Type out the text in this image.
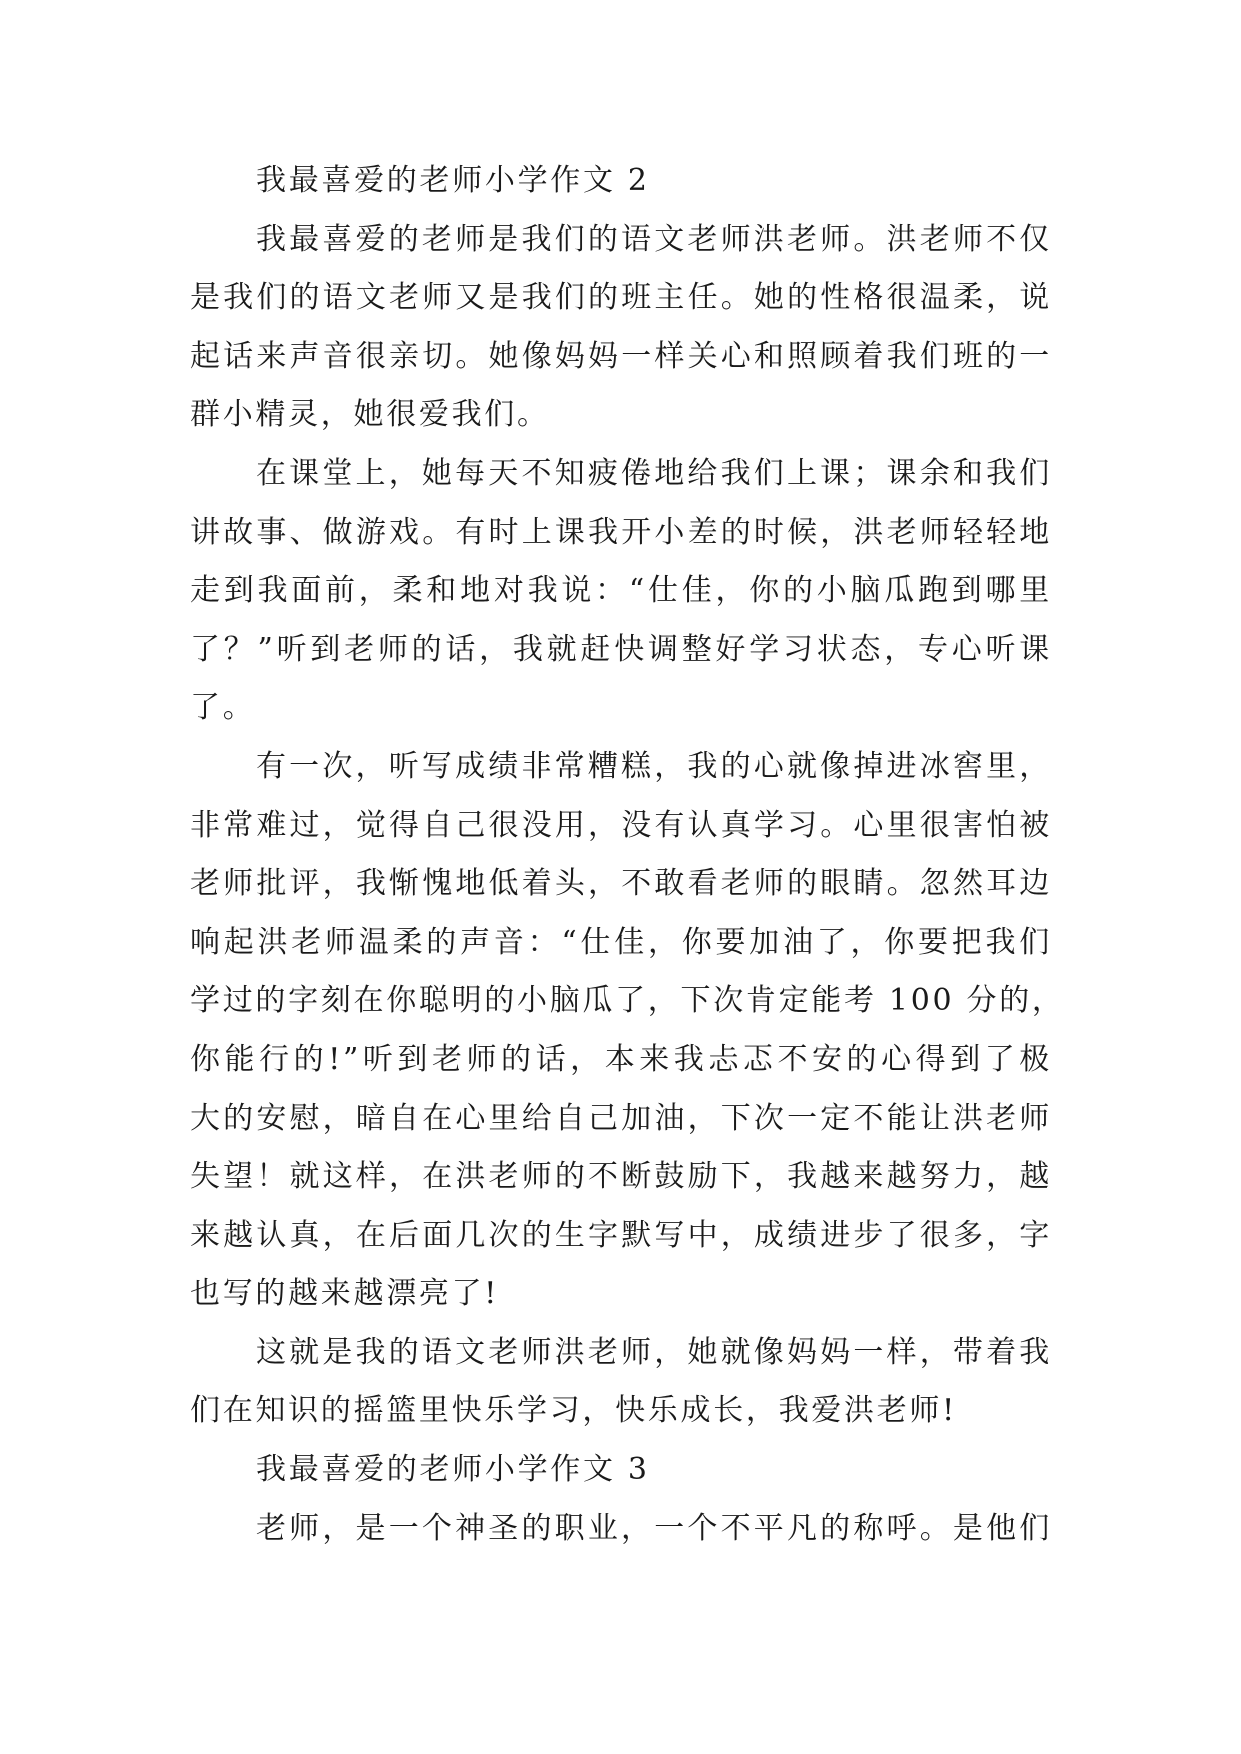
我最喜爱的老师小学作文 2
我最喜爱的老师是我们的语文老师洪老师。洪老师不仅
是我们的语文老师又是我们的班主任。她的性格很温柔，说
起话来声音很亲切。她像妈妈一样关心和照顾着我们班的一
群小精灵，她很爱我们。
在课堂上，她每天不知疲倦地给我们上课；课余和我们
讲故事、做游戏。有时上课我开小差的时候，洪老师轻轻地
走到我面前，柔和地对我说：“仕佳，你的小脑瓜跑到哪里
了？”听到老师的话，我就赶快调整好学习状态，专心听课
了。
有一次，听写成绩非常糟糕，我的心就像掉进冰窖里，
非常难过，觉得自己很没用，没有认真学习。心里很害怕被
老师批评，我惭愧地低着头，不敢看老师的眼睛。忽然耳边
响起洪老师温柔的声音：“仕佳，你要加油了，你要把我们
学过的字刻在你聪明的小脑瓜了，下次肯定能考 100 分的，
你能行的!”听到老师的话，本来我忐忑不安的心得到了极
大的安慰，暗自在心里给自己加油，下次一定不能让洪老师
失望！就这样，在洪老师的不断鼓励下，我越来越努力，越
来越认真，在后面几次的生字默写中，成绩进步了很多，字
也写的越来越漂亮了!
这就是我的语文老师洪老师，她就像妈妈一样，带着我
们在知识的摇篮里快乐学习，快乐成长，我爱洪老师!
我最喜爱的老师小学作文 3
老师，是一个神圣的职业，一个不平凡的称呼。是他们
